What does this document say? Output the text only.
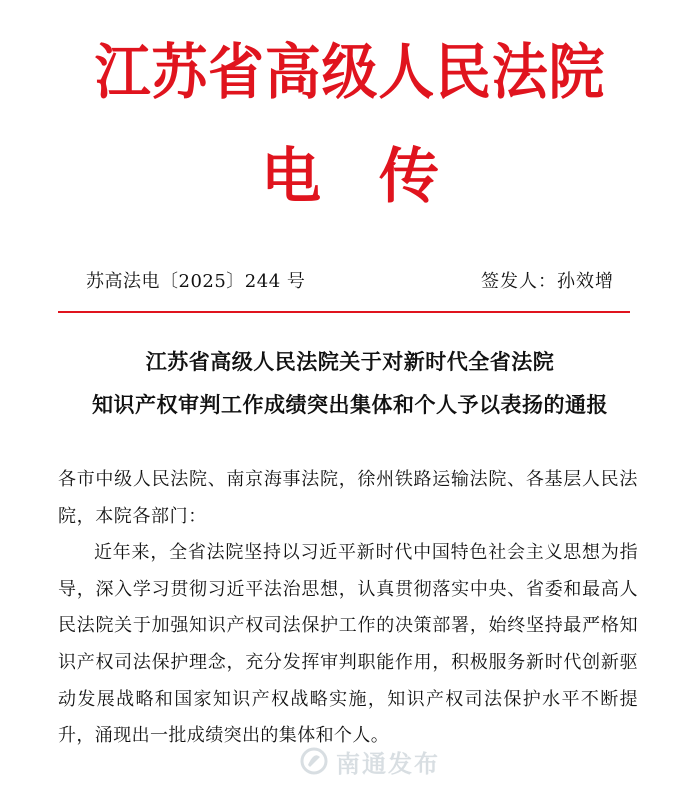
江苏省高级人民法院
电传
苏高法电〔2025〕244 号	签发人：孙效增
江苏省高级人民法院关于对新时代全省法院
知识产权审判工作成绩突出集体和个人予以表扬的通报

各市中级人民法院、南京海事法院，徐州铁路运输法院、各基层人民法院，本院各部门：

近年来，全省法院坚持以习近平新时代中国特色社会主义思想为指导，深入学习贯彻习近平法治思想，认真贯彻落实中央、省委和最高人民法院关于加强知识产权司法保护工作的决策部署，始终坚持最严格知识产权司法保护理念，充分发挥审判职能作用，积极服务新时代创新驱动发展战略和国家知识产权战略实施，知识产权司法保护水平不断提升，涌现出一批成绩突出的集体和个人。

南通发布
